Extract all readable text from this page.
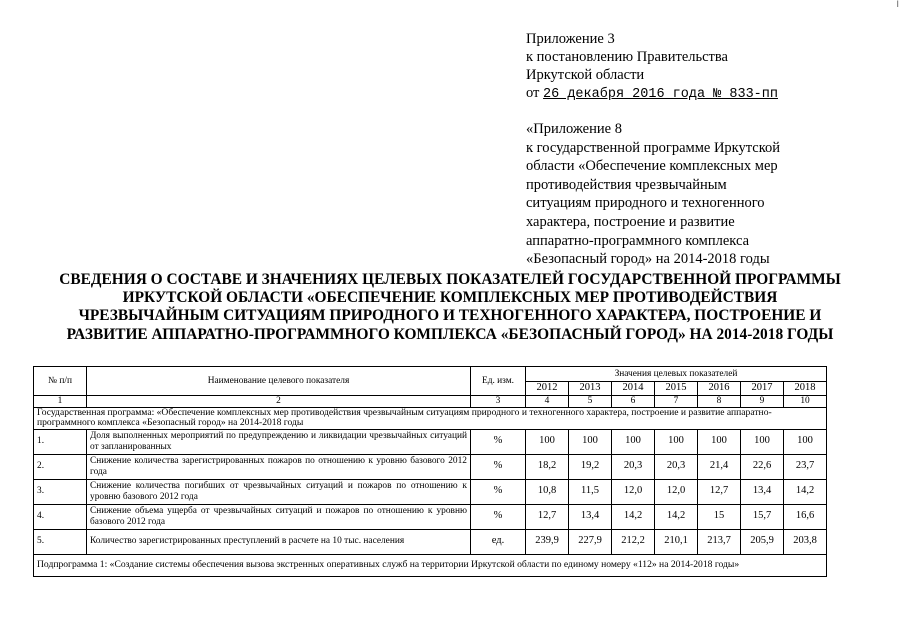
I
Приложение 3
к постановлению Правительства
Иркутской области
от 26 декабря 2016 года № 833-пп
«Приложение 8
к государственной программе Иркутской
области «Обеспечение комплексных мер
противодействия чрезвычайным
ситуациям природного и техногенного
характера, построение и развитие
аппаратно-программного комплекса
«Безопасный город» на 2014-2018 годы
СВЕДЕНИЯ О СОСТАВЕ И ЗНАЧЕНИЯХ ЦЕЛЕВЫХ ПОКАЗАТЕЛЕЙ ГОСУДАРСТВЕННОЙ ПРОГРАММЫ
ИРКУТСКОЙ ОБЛАСТИ «ОБЕСПЕЧЕНИЕ КОМПЛЕКСНЫХ МЕР ПРОТИВОДЕЙСТВИЯ
ЧРЕЗВЫЧАЙНЫМ СИТУАЦИЯМ ПРИРОДНОГО И ТЕХНОГЕННОГО ХАРАКТЕРА, ПОСТРОЕНИЕ И
РАЗВИТИЕ АППАРАТНО-ПРОГРАММНОГО КОМПЛЕКСА «БЕЗОПАСНЫЙ ГОРОД» НА 2014-2018 ГОДЫ
№ п/п	Наименование целевого показателя	Ед. изм.	Значения целевых показателей						
			2012	2013	2014	2015	2016	2017	2018
1	2	3	4	5	6	7	8	9	10
Государственная программа: «Обеспечение комплексных мер противодействия чрезвычайным ситуациям природного и техногенного характера, построение и развитие аппаратно-программного комплекса «Безопасный город» на 2014-2018 годы									
1.	Доля выполненных мероприятий по предупреждению и ликвидации чрезвычайных ситуаций от запланированных	%	100	100	100	100	100	100	100
2.	Снижение количества зарегистрированных пожаров по отношению к уровню базового 2012 года	%	18,2	19,2	20,3	20,3	21,4	22,6	23,7
3.	Снижение количества погибших от чрезвычайных ситуаций и пожаров по отношению к уровню базового 2012 года	%	10,8	11,5	12,0	12,0	12,7	13,4	14,2
4.	Снижение объема ущерба от чрезвычайных ситуаций и пожаров по отношению к уровню базового 2012 года	%	12,7	13,4	14,2	14,2	15	15,7	16,6
5.	Количество зарегистрированных преступлений в расчете на 10 тыс. населения	ед.	239,9	227,9	212,2	210,1	213,7	205,9	203,8
Подпрограмма 1: «Создание системы обеспечения вызова экстренных оперативных служб на территории Иркутской области по единому номеру «112» на 2014-2018 годы»									
